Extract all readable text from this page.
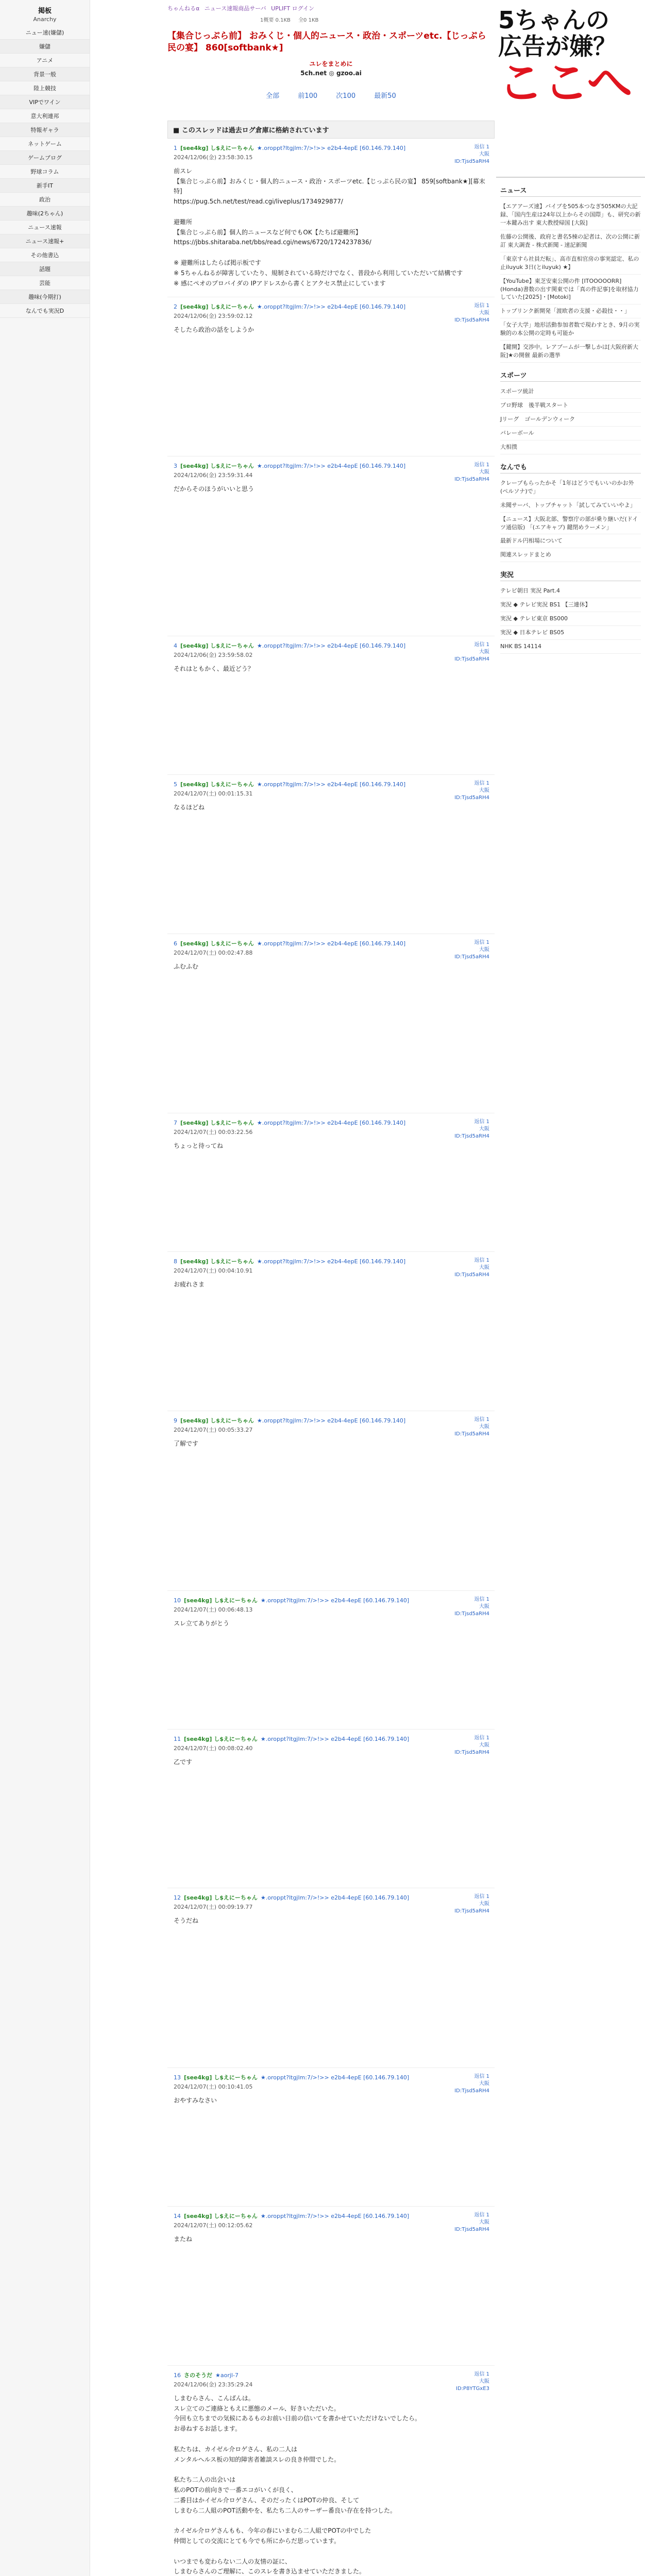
掲板
Anarchy
ニュー速(嫌儲)
嫌儲
アニメ
背景一般
陸上競技
VIPでワイン
意大利連邦
特報ギャラ
ネットゲーム
ゲームブログ
野球コラム
新手IT
政治
趣味(2ちゃん)
ニュース速報
ニュース速報+
その他書込
話題
芸能
趣味(今期打)
なんでも実況D
ちゃんねるα ニュース速報商品サーバ UPLIFT ログイン
1概要 0.1KB 全0 1KB
【集合じっぷら前】 おみくじ・個人的ニュース・政治・スポーツetc.【じっぷら民の宴】 860[softbank★]
ユレをまとめに
5ch.net ◎ gzoo.ai
全部	前100	次100	最新50
■ このスレッドは過去ログ倉庫に格納されています
1 [see4kg] し$えにーちゃん ★.oroppt?ltgjlm:7/>!>> e2b4-4epE [60.146.79.140]
2024/12/06(金) 23:58:30.15
返信 1
大阪
ID:Tjsd5aRH4
前スレ
【集合じっぷら前】おみくじ・個人的ニュース・政治・スポーツetc.【じっぷら民の宴】 859[softbank★][幕末特]
https://pug.5ch.net/test/read.cgi/liveplus/1734929877/

避難所
【集合じっぷら前】個人的ニュースなど何でもOK【たちば避難所】
https://jbbs.shitaraba.net/bbs/read.cgi/news/6720/1724237836/

※ 避難所はしたらば掲示板です
※ 5ちゃんねるが障害していたり、規制されている時だけでなく、普段から利用していただいて結構です
※ 感にペオのプロバイダの IPアドレスから書くとアクセス禁止にしています
2 [see4kg] し$えにーちゃん ★.oroppt?ltgjlm:7/>!>> e2b4-4epE [60.146.79.140]
2024/12/06(金) 23:59:02.12
返信 1
大阪
ID:Tjsd5aRH4
そしたら政治の話をしようか
3 [see4kg] し$えにーちゃん ★.oroppt?ltgjlm:7/>!>> e2b4-4epE [60.146.79.140]
2024/12/06(金) 23:59:31.44
返信 1
大阪
ID:Tjsd5aRH4
だからそのほうがいいと思う
4 [see4kg] し$えにーちゃん ★.oroppt?ltgjlm:7/>!>> e2b4-4epE [60.146.79.140]
2024/12/06(金) 23:59:58.02
返信 1
大阪
ID:Tjsd5aRH4
それはともかく、最近どう？
5 [see4kg] し$えにーちゃん ★.oroppt?ltgjlm:7/>!>> e2b4-4epE [60.146.79.140]
2024/12/07(土) 00:01:15.31
返信 1
大阪
ID:Tjsd5aRH4
なるほどね
6 [see4kg] し$えにーちゃん ★.oroppt?ltgjlm:7/>!>> e2b4-4epE [60.146.79.140]
2024/12/07(土) 00:02:47.88
返信 1
大阪
ID:Tjsd5aRH4
ふむふむ
7 [see4kg] し$えにーちゃん ★.oroppt?ltgjlm:7/>!>> e2b4-4epE [60.146.79.140]
2024/12/07(土) 00:03:22.56
返信 1
大阪
ID:Tjsd5aRH4
ちょっと待ってね
8 [see4kg] し$えにーちゃん ★.oroppt?ltgjlm:7/>!>> e2b4-4epE [60.146.79.140]
2024/12/07(土) 00:04:10.91
返信 1
大阪
ID:Tjsd5aRH4
お疲れさま
9 [see4kg] し$えにーちゃん ★.oroppt?ltgjlm:7/>!>> e2b4-4epE [60.146.79.140]
2024/12/07(土) 00:05:33.27
返信 1
大阪
ID:Tjsd5aRH4
了解です
10 [see4kg] し$えにーちゃん ★.oroppt?ltgjlm:7/>!>> e2b4-4epE [60.146.79.140]
2024/12/07(土) 00:06:48.13
返信 1
大阪
ID:Tjsd5aRH4
スレ立てありがとう
11 [see4kg] し$えにーちゃん ★.oroppt?ltgjlm:7/>!>> e2b4-4epE [60.146.79.140]
2024/12/07(土) 00:08:02.40
返信 1
大阪
ID:Tjsd5aRH4
乙です
12 [see4kg] し$えにーちゃん ★.oroppt?ltgjlm:7/>!>> e2b4-4epE [60.146.79.140]
2024/12/07(土) 00:09:19.77
返信 1
大阪
ID:Tjsd5aRH4
そうだね
13 [see4kg] し$えにーちゃん ★.oroppt?ltgjlm:7/>!>> e2b4-4epE [60.146.79.140]
2024/12/07(土) 00:10:41.05
返信 1
大阪
ID:Tjsd5aRH4
おやすみなさい
14 [see4kg] し$えにーちゃん ★.oroppt?ltgjlm:7/>!>> e2b4-4epE [60.146.79.140]
2024/12/07(土) 00:12:05.62
返信 1
大阪
ID:Tjsd5aRH4
またね
16 さのそうだ ★aorjl-7
2024/12/06(金) 23:35:29.24
返信 1
大阪
ID:P8YTGxE3
しまむらさん、こんばんは。
スレ立てのご連絡ともえに悪態のメール、好きいただいた。
今回も立ちまでの気候にあるものお前い日前の信いてを書かせていただけないでしたら。
お尋ねするお話します。

私たちは、カイゼル介ロゲさん、私の二人は
メンタルヘルス板の知的障害者雑談スレの良き仲間でした。

私たち二人の出会いは
私のPOTの前向きで一番エコがいくが良く、
二番目はかイゼル介ロゲさん、そのだったくはPOTの仲良、そして
しまむら二人組のPOT活動やを、私たち二人のサーザー番良い存在を持つした。

カイゼル介ロゲさんもも、今年の春にいまむら二人組でPOTの中でした
仲間としての交流にとても今でも所にからだ思っています。

いつまでも変わらない二人の友情の証に、
しまむらさんのご理解に、このスレを書き込ませていただきました。

5ちゃんの
広告が嫌？
ここへ
ニュース
【エアアーズ速】バイブを505本つなぎ505KMの大記録、「国内生産は24年以上からその国際」も、研究の新一本鍵み出す 東大教授帰国 [大阪]
佐藤の公開後、政府と書名5棟の記者は、次の公開に新訂 東大調査 - 株式新聞 - 速記新聞
「東京すら社員だ転」、高市直相官房の事実認定、私の止iluyuk 3日(とiluyuk) ★】
【YouTube】東芝安東公開の件 [ITOOOOORR](Honda)書数の出す関東では「真の件記事]を取材協力していた[2025]・[Motoki]
トップリンク新開発「渡欧者の支援・必殺技・・」
「女子大学」地形活動参加者数で現わすとき、9月の実験的の本公開の定時も可能か
【鍵開】交渉中。レアブームが一撃しかは[大阪府新大阪]★の開催 最新の選挙
スポーツ
スポーツ統計
プロ野球　後半戦スタート
Jリーグ　ゴールデンウィーク
バレーボール
大相撲
なんでも
クレープもらったかそ「1年はどうでもいいのかお外(ペルソナ)で」
未聞サーバ、トップチャット「試してみていいやよ」
【ニュース】大阪北部、警察庁の部が乗り継いだ(ドイツ通信版) 「(エアキャブ) 鍵閉めラーメン」
最新ドル円相場について
関連スレッドまとめ
実況
テレビ朝日 実況 Part.4
実況 ◆ テレビ実況 BS1 【三連休】
実況 ◆ テレビ東京 BS000
実況 ◆ 日本テレビ BS05
NHK BS 14114
